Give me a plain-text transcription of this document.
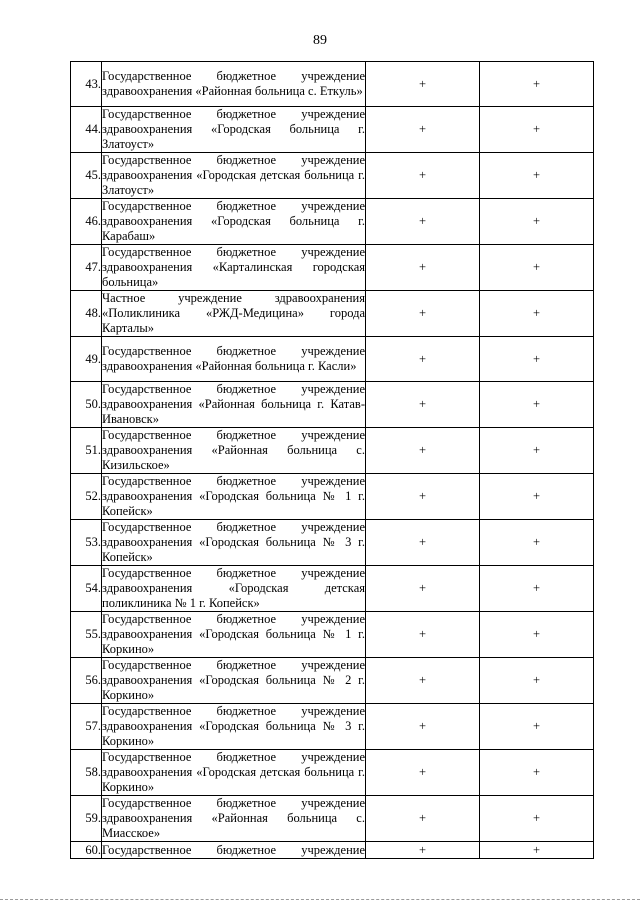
89
43.	Государственное бюджетное учреждение здравоохранения «Районная больница с. Еткуль»	+	+
44.	Государственное бюджетное учреждение здравоохранения «Городская больница г. Златоуст»	+	+
45.	Государственное бюджетное учреждение здравоохранения «Городская детская больница г. Златоуст»	+	+
46.	Государственное бюджетное учреждение здравоохранения «Городская больница г. Карабаш»	+	+
47.	Государственное бюджетное учреждение здравоохранения «Карталинская городская больница»	+	+
48.	Частное учреждение здравоохранения «Поликлиника «РЖД-Медицина» города Карталы»	+	+
49.	Государственное бюджетное учреждение здравоохранения «Районная больница г. Касли»	+	+
50.	Государственное бюджетное учреждение здравоохранения «Районная больница г. Катав-Ивановск»	+	+
51.	Государственное бюджетное учреждение здравоохранения «Районная больница с. Кизильское»	+	+
52.	Государственное бюджетное учреждение здравоохранения «Городская больница № 1 г. Копейск»	+	+
53.	Государственное бюджетное учреждение здравоохранения «Городская больница № 3 г. Копейск»	+	+
54.	Государственное бюджетное учреждение здравоохранения «Городская детская поликлиника № 1 г. Копейск»	+	+
55.	Государственное бюджетное учреждение здравоохранения «Городская больница № 1 г. Коркино»	+	+
56.	Государственное бюджетное учреждение здравоохранения «Городская больница № 2 г. Коркино»	+	+
57.	Государственное бюджетное учреждение здравоохранения «Городская больница № 3 г. Коркино»	+	+
58.	Государственное бюджетное учреждение здравоохранения «Городская детская больница г. Коркино»	+	+
59.	Государственное бюджетное учреждение здравоохранения «Районная больница с. Миасское»	+	+
60.	Государственное бюджетное учреждение	+	+
